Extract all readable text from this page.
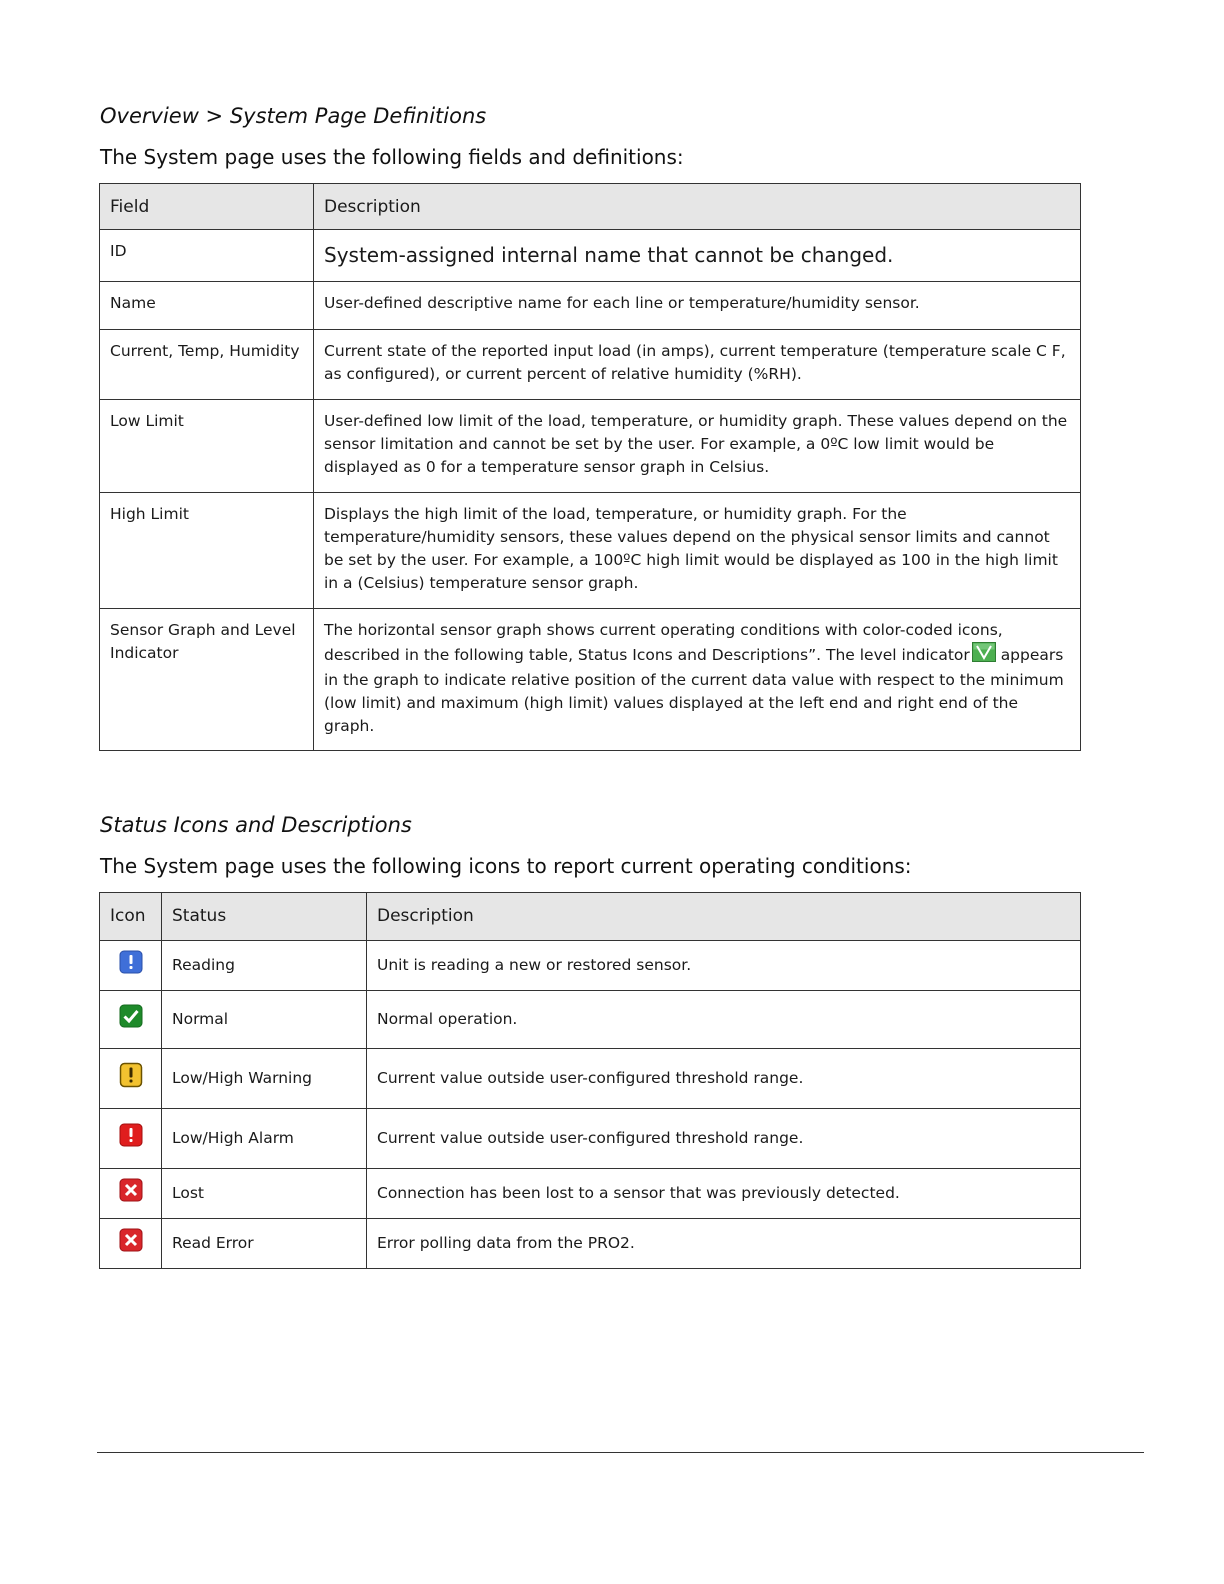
Overview > System Page Definitions

The System page uses the following fields and definitions:

Field	Description
ID	System-assigned internal name that cannot be changed.
Name	User-defined descriptive name for each line or temperature/humidity sensor.
Current, Temp, Humidity	Current state of the reported input load (in amps), current temperature (temperature scale C F, as configured), or current percent of relative humidity (%RH).
Low Limit	User-defined low limit of the load, temperature, or humidity graph. These values depend on the sensor limitation and cannot be set by the user. For example, a 0ºC low limit would be displayed as 0 for a temperature sensor graph in Celsius.
High Limit	Displays the high limit of the load, temperature, or humidity graph. For the temperature/humidity sensors, these values depend on the physical sensor limits and cannot be set by the user. For example, a 100ºC high limit would be displayed as 100 in the high limit in a (Celsius) temperature sensor graph.
Sensor Graph and Level Indicator	The horizontal sensor graph shows current operating conditions with color-coded icons, described in the following table, Status Icons and Descriptions”. The level indicator appears in the graph to indicate relative position of the current data value with respect to the minimum (low limit) and maximum (high limit) values displayed at the left end and right end of the graph.
Status Icons and Descriptions

The System page uses the following icons to report current operating conditions:

Icon	Status	Description
	Reading	Unit is reading a new or restored sensor.
	Normal	Normal operation.
	Low/High Warning	Current value outside user-configured threshold range.
	Low/High Alarm	Current value outside user-configured threshold range.
	Lost	Connection has been lost to a sensor that was previously detected.
	Read Error	Error polling data from the PRO2.
